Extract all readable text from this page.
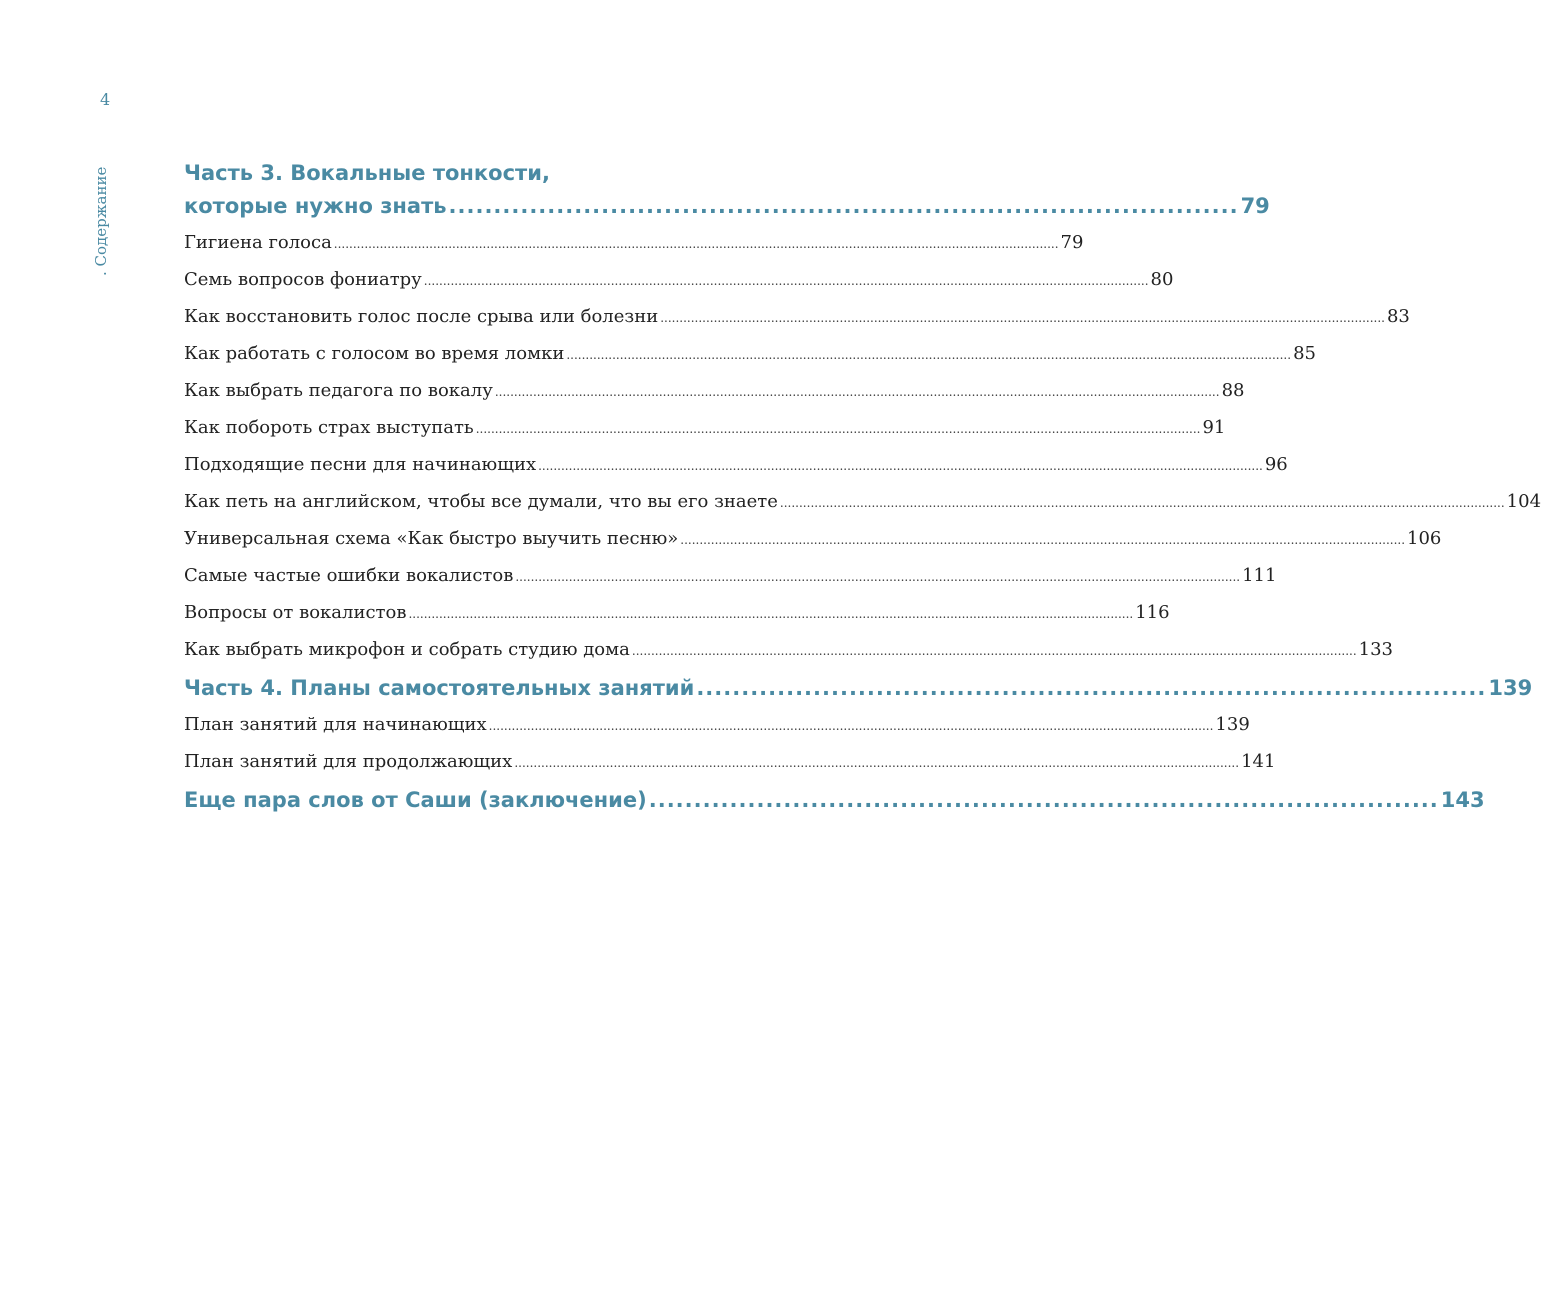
4
. Содержание	Часть 3. Вокальные тонкости,
которые нужно знать ........................................................................................ 79
Гигиена голоса .............................................................................................................................................................................................. 79
Семь вопросов фониатру .............................................................................................................................................................................................. 80
Как восстановить голос после срыва или болезни .............................................................................................................................................................................................. 83
Как работать с голосом во время ломки .............................................................................................................................................................................................. 85
Как выбрать педагога по вокалу .............................................................................................................................................................................................. 88
Как побороть страх выступать .............................................................................................................................................................................................. 91
Подходящие песни для начинающих .............................................................................................................................................................................................. 96
Как петь на английском, чтобы все думали, что вы его знаете .............................................................................................................................................................................................. 104
Универсальная схема «Как быстро выучить песню» .............................................................................................................................................................................................. 106
Самые частые ошибки вокалистов .............................................................................................................................................................................................. 111
Вопросы от вокалистов .............................................................................................................................................................................................. 116
Как выбрать микрофон и собрать студию дома .............................................................................................................................................................................................. 133
Часть 4. Планы самостоятельных занятий ........................................................................................ 139
План занятий для начинающих .............................................................................................................................................................................................. 139
План занятий для продолжающих .............................................................................................................................................................................................. 141
Еще пара слов от Саши (заключение) ........................................................................................ 143
